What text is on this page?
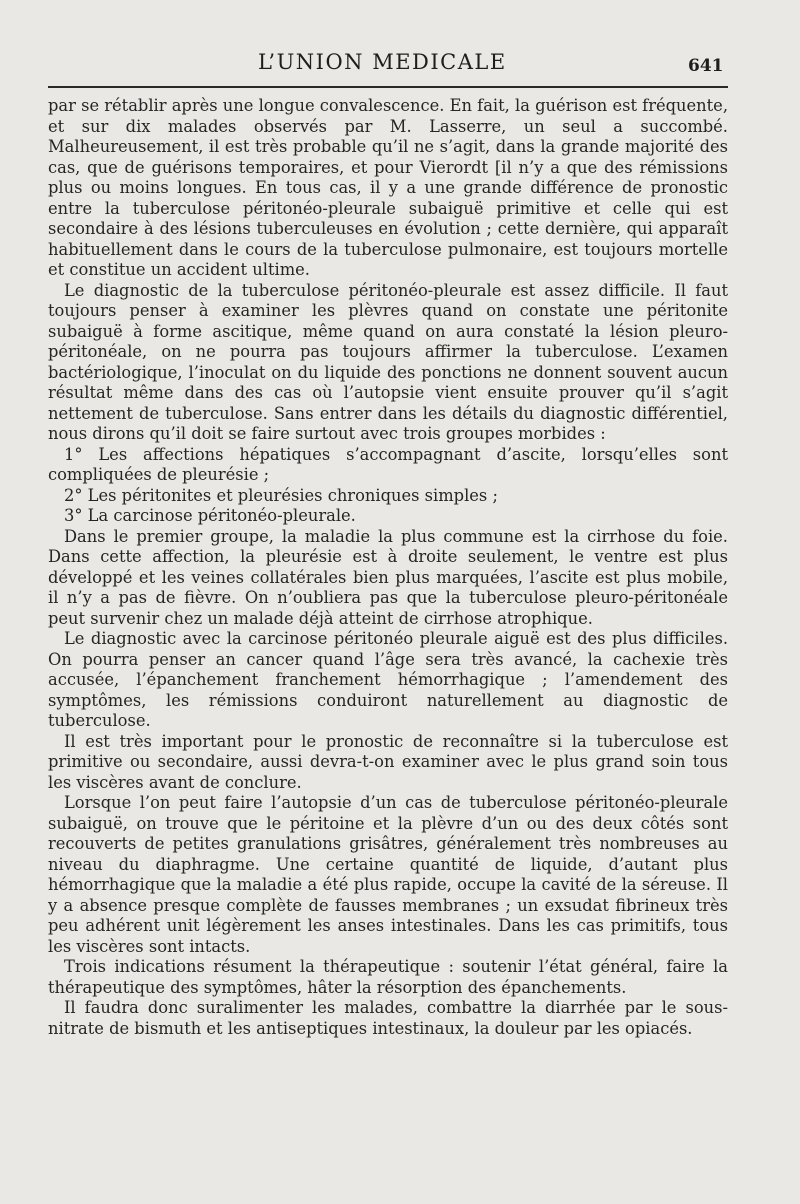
L’UNION MEDICALE	641

par se rétablir après une longue convalescence. En fait, la guérison est fréquente, et sur dix malades observés par M. Lasserre, un seul a succombé. Malheureusement, il est très probable qu’il ne s’agit, dans la grande majorité des cas, que de guérisons temporaires, et pour Vierordt [il n’y a que des rémissions plus ou moins longues. En tous cas, il y a une grande différence de pronostic entre la tuberculose péritonéo-pleurale subaiguë primitive et celle qui est secondaire à des lésions tuberculeuses en évolution ; cette dernière, qui apparaît habituellement dans le cours de la tuberculose pulmonaire, est toujours mortelle et constitue un accident ultime.

Le diagnostic de la tuberculose péritonéo-pleurale est assez difficile. Il faut toujours penser à examiner les plèvres quand on constate une péritonite subaiguë à forme ascitique, même quand on aura constaté la lésion pleuro-péritonéale, on ne pourra pas toujours affirmer la tuberculose. L’examen bactériologique, l’inoculat on du liquide des ponctions ne donnent souvent aucun résultat même dans des cas où l’autopsie vient ensuite prouver qu’il s’agit nettement de tuberculose. Sans entrer dans les détails du diagnostic différentiel, nous dirons qu’il doit se faire surtout avec trois groupes morbides :

1° Les affections hépatiques s’accompagnant d’ascite, lorsqu’elles sont compliquées de pleurésie ;

2° Les péritonites et pleurésies chroniques simples ;

3° La carcinose péritonéo-pleurale.

Dans le premier groupe, la maladie la plus commune est la cirrhose du foie. Dans cette affection, la pleurésie est à droite seulement, le ventre est plus développé et les veines collatérales bien plus marquées, l’ascite est plus mobile, il n’y a pas de fièvre. On n’oubliera pas que la tuberculose pleuro-péritonéale peut survenir chez un malade déjà atteint de cirrhose atrophique.

Le diagnostic avec la carcinose péritonéo pleurale aiguë est des plus difficiles. On pourra penser an cancer quand l’âge sera très avancé, la cachexie très accusée, l’épanchement franchement hémorrhagique ; l’amendement des symptômes, les rémissions conduiront naturellement au diagnostic de tuberculose.

Il est très important pour le pronostic de reconnaître si la tuberculose est primitive ou secondaire, aussi devra-t-on examiner avec le plus grand soin tous les viscères avant de conclure.

Lorsque l’on peut faire l’autopsie d’un cas de tuberculose péritonéo-pleurale subaiguë, on trouve que le péritoine et la plèvre d’un ou des deux côtés sont recouverts de petites granulations grisâtres, généralement très nombreuses au niveau du diaphragme. Une certaine quantité de liquide, d’autant plus hémorrhagique que la maladie a été plus rapide, occupe la cavité de la séreuse. Il y a absence presque complète de fausses membranes ; un exsudat fibrineux très peu adhérent unit légèrement les anses intestinales. Dans les cas primitifs, tous les viscères sont intacts.

Trois indications résument la thérapeutique : soutenir l’état général, faire la thérapeutique des symptômes, hâter la résorption des épanchements.

Il faudra donc suralimenter les malades, combattre la diarrhée par le sous-nitrate de bismuth et les antiseptiques intestinaux, la douleur par les opiacés.
